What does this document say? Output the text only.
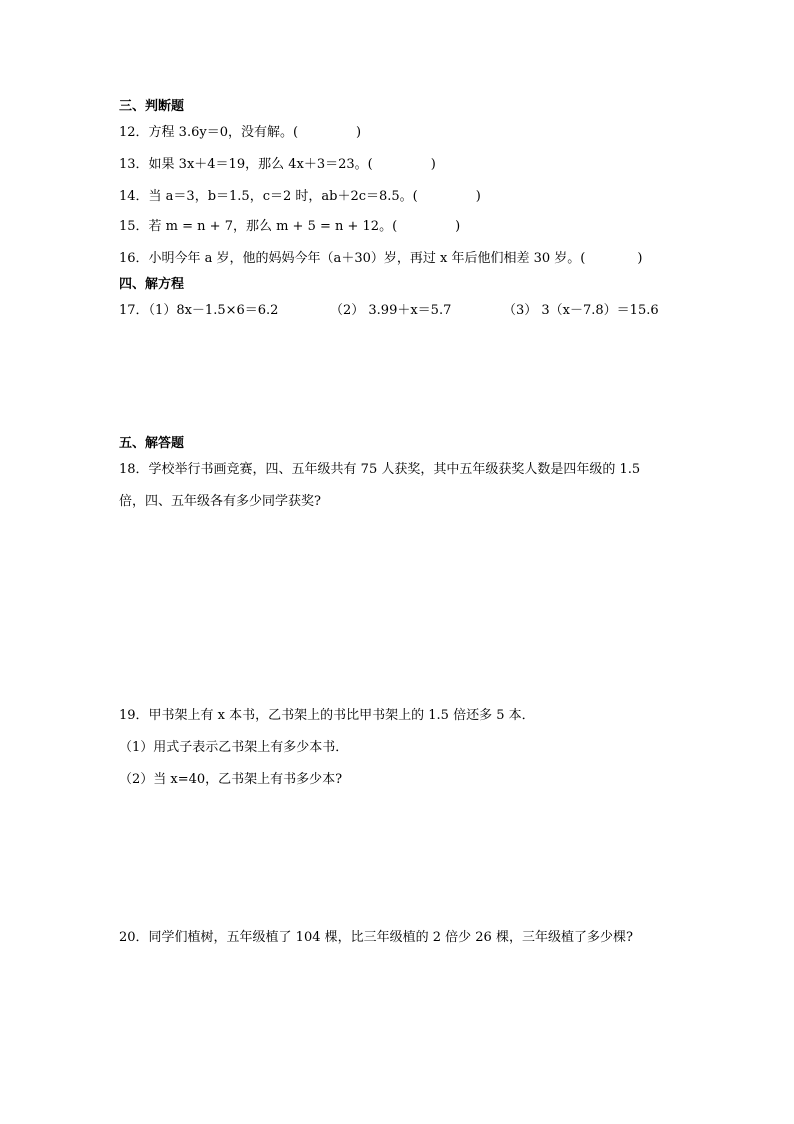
三、判断题
12．方程 3.6y＝0，没有解。(	)
13．如果 3x＋4＝19，那么 4x＋3＝23。(	)
14．当 a＝3，b＝1.5，c＝2 时，ab＋2c＝8.5。(	)
15．若 m = n + 7，那么 m + 5 = n + 12。(	)
16．小明今年 a 岁，他的妈妈今年（a＋30）岁，再过 x 年后他们相差 30 岁。(	)
四、解方程
17．（1）8x－1.5×6＝6.2	（2） 3.99＋x＝5.7	（3） 3（x－7.8）＝15.6
五、解答题
18．学校举行书画竞赛，四、五年级共有 75 人获奖，其中五年级获奖人数是四年级的 1.5
倍，四、五年级各有多少同学获奖?
19．甲书架上有 x 本书，乙书架上的书比甲书架上的 1.5 倍还多 5 本．
（1）用式子表示乙书架上有多少本书．
（2）当 x=40，乙书架上有书多少本?
20．同学们植树，五年级植了 104 棵，比三年级植的 2 倍少 26 棵，三年级植了多少棵?
